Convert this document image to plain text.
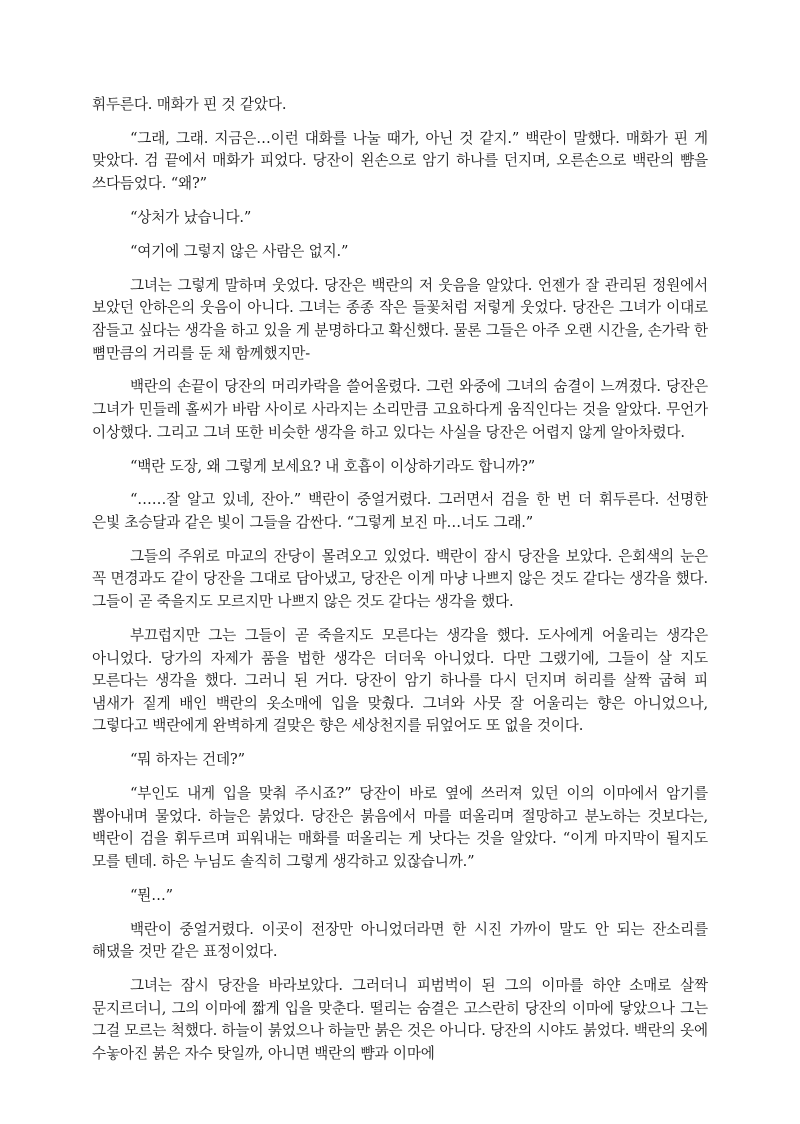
휘두른다. 매화가 핀 것 같았다.

“그래, 그래. 지금은…이런 대화를 나눌 때가, 아닌 것 같지.” 백란이 말했다. 매화가 핀 게 맞았다. 검 끝에서 매화가 피었다. 당잔이 왼손으로 암기 하나를 던지며, 오른손으로 백란의 뺨을 쓰다듬었다. “왜?”

“상처가 났습니다.”

“여기에 그렇지 않은 사람은 없지.”

그녀는 그렇게 말하며 웃었다. 당잔은 백란의 저 웃음을 알았다. 언젠가 잘 관리된 정원에서 보았던 안하은의 웃음이 아니다. 그녀는 종종 작은 들꽃처럼 저렇게 웃었다. 당잔은 그녀가 이대로 잠들고 싶다는 생각을 하고 있을 게 분명하다고 확신했다. 물론 그들은 아주 오랜 시간을, 손가락 한 뼘만큼의 거리를 둔 채 함께했지만-

백란의 손끝이 당잔의 머리카락을 쓸어올렸다. 그런 와중에 그녀의 숨결이 느껴졌다. 당잔은 그녀가 민들레 홀씨가 바람 사이로 사라지는 소리만큼 고요하다게 움직인다는 것을 알았다. 무언가 이상했다. 그리고 그녀 또한 비슷한 생각을 하고 있다는 사실을 당잔은 어렵지 않게 알아차렸다.

“백란 도장, 왜 그렇게 보세요? 내 호흡이 이상하기라도 합니까?”

“……잘 알고 있네, 잔아.” 백란이 중얼거렸다. 그러면서 검을 한 번 더 휘두른다. 선명한 은빛 초승달과 같은 빛이 그들을 감싼다. “그렇게 보진 마…너도 그래.”

그들의 주위로 마교의 잔당이 몰려오고 있었다. 백란이 잠시 당잔을 보았다. 은회색의 눈은 꼭 면경과도 같이 당잔을 그대로 담아냈고, 당잔은 이게 마냥 나쁘지 않은 것도 같다는 생각을 했다. 그들이 곧 죽을지도 모르지만 나쁘지 않은 것도 같다는 생각을 했다.

부끄럽지만 그는 그들이 곧 죽을지도 모른다는 생각을 했다. 도사에게 어울리는 생각은 아니었다. 당가의 자제가 품을 법한 생각은 더더욱 아니었다. 다만 그랬기에, 그들이 살 지도 모른다는 생각을 했다. 그러니 된 거다. 당잔이 암기 하나를 다시 던지며 허리를 살짝 굽혀 피 냄새가 짙게 배인 백란의 옷소매에 입을 맞췄다. 그녀와 사뭇 잘 어울리는 향은 아니었으나, 그렇다고 백란에게 완벽하게 걸맞은 향은 세상천지를 뒤엎어도 또 없을 것이다.

“뭐 하자는 건데?”

“부인도 내게 입을 맞춰 주시죠?” 당잔이 바로 옆에 쓰러져 있던 이의 이마에서 암기를 뽑아내며 물었다. 하늘은 붉었다. 당잔은 붉음에서 마를 떠올리며 절망하고 분노하는 것보다는, 백란이 검을 휘두르며 피워내는 매화를 떠올리는 게 낫다는 것을 알았다. “이게 마지막이 될지도 모를 텐데. 하은 누님도 솔직히 그렇게 생각하고 있잖습니까.”

“뭔…”

백란이 중얼거렸다. 이곳이 전장만 아니었더라면 한 시진 가까이 말도 안 되는 잔소리를 해댔을 것만 같은 표정이었다.

그녀는 잠시 당잔을 바라보았다. 그러더니 피범벅이 된 그의 이마를 하얀 소매로 살짝 문지르더니, 그의 이마에 짧게 입을 맞춘다. 떨리는 숨결은 고스란히 당잔의 이마에 닿았으나 그는 그걸 모르는 척했다. 하늘이 붉었으나 하늘만 붉은 것은 아니다. 당잔의 시야도 붉었다. 백란의 옷에 수놓아진 붉은 자수 탓일까, 아니면 백란의 뺨과 이마에
